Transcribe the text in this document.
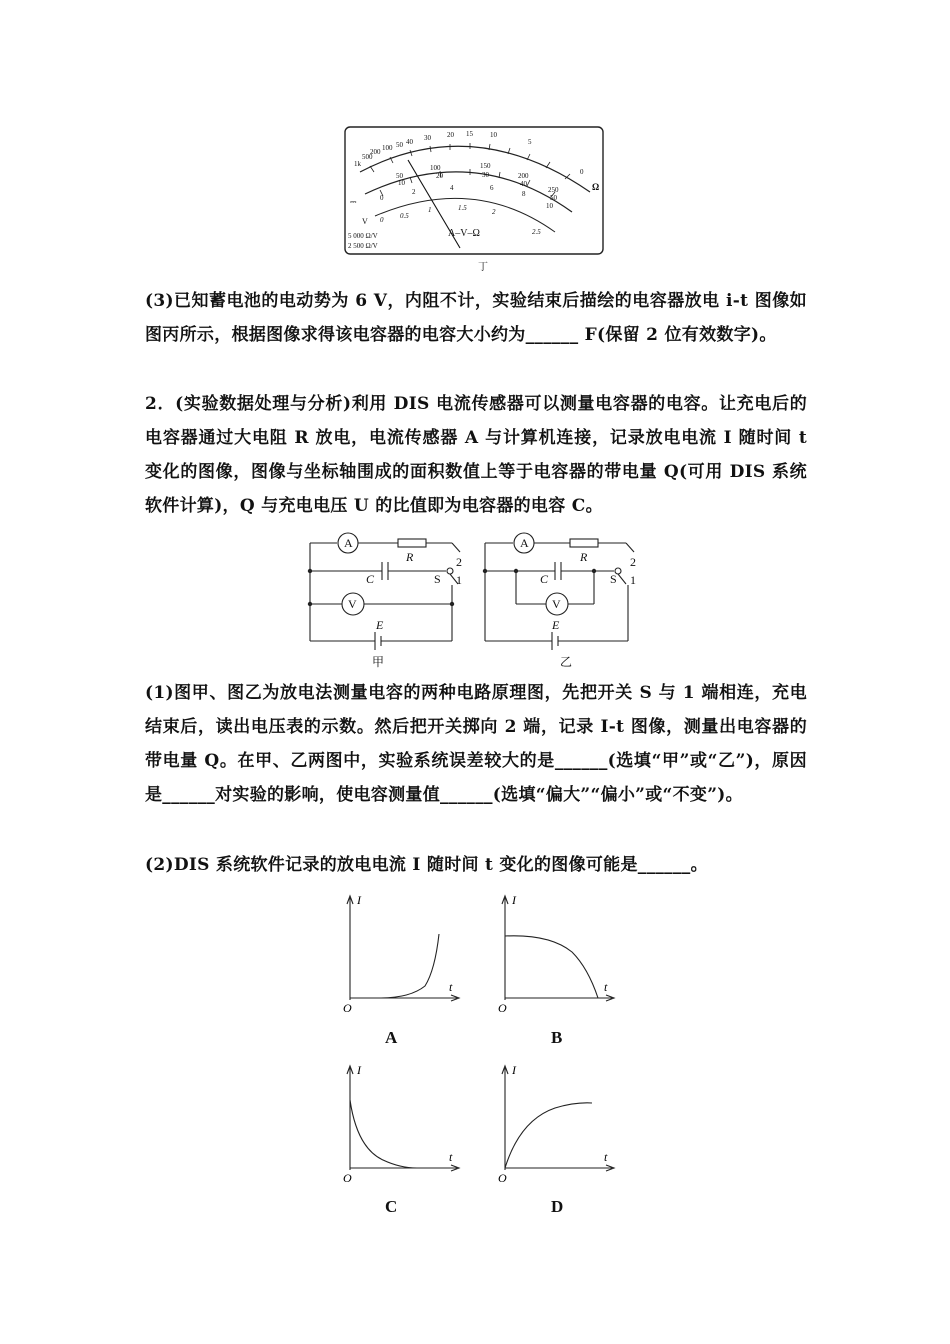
1k
500
200 100 50 40 30 20 15 10
5
0
50
100	150
200
250
10
20	30
40
50
0
2	4	6
8
10
0 0.5
1	1.5	2
2.5
⎓
V
Ω
A–V–Ω
5 000 Ω/V
2 500 Ω/V
丁
(3)已知蓄电池的电动势为 6 V，内阻不计，实验结束后描绘的电容器放电 i-t 图像如图丙所示，根据图像求得该电容器的电容大小约为______ F(保留 2 位有效数字)。
2．(实验数据处理与分析)利用 DIS 电流传感器可以测量电容器的电容。让充电后的电容器通过大电阻 R 放电，电流传感器 A 与计算机连接，记录放电电流 I 随时间 t 变化的图像，图像与坐标轴围成的面积数值上等于电容器的带电量 Q(可用 DIS 系统软件计算)，Q 与充电电压 U 的比值即为电容器的电容 C。
A
V
R
C	S
2
1
E
甲
A
V
R
C	S
2
1
E
乙
(1)图甲、图乙为放电法测量电容的两种电路原理图，先把开关 S 与 1 端相连，充电结束后，读出电压表的示数。然后把开关掷向 2 端，记录 I-t 图像，测量出电容器的带电量 Q。在甲、乙两图中，实验系统误差较大的是______(选填“甲”或“乙”)，原因是______对实验的影响，使电容测量值______(选填“偏大”“偏小”或“不变”)。
(2)DIS 系统软件记录的放电电流 I 随时间 t 变化的图像可能是______。
I
t
O
A
I
t
O
B
I
t
O
C
I
t
O
D
